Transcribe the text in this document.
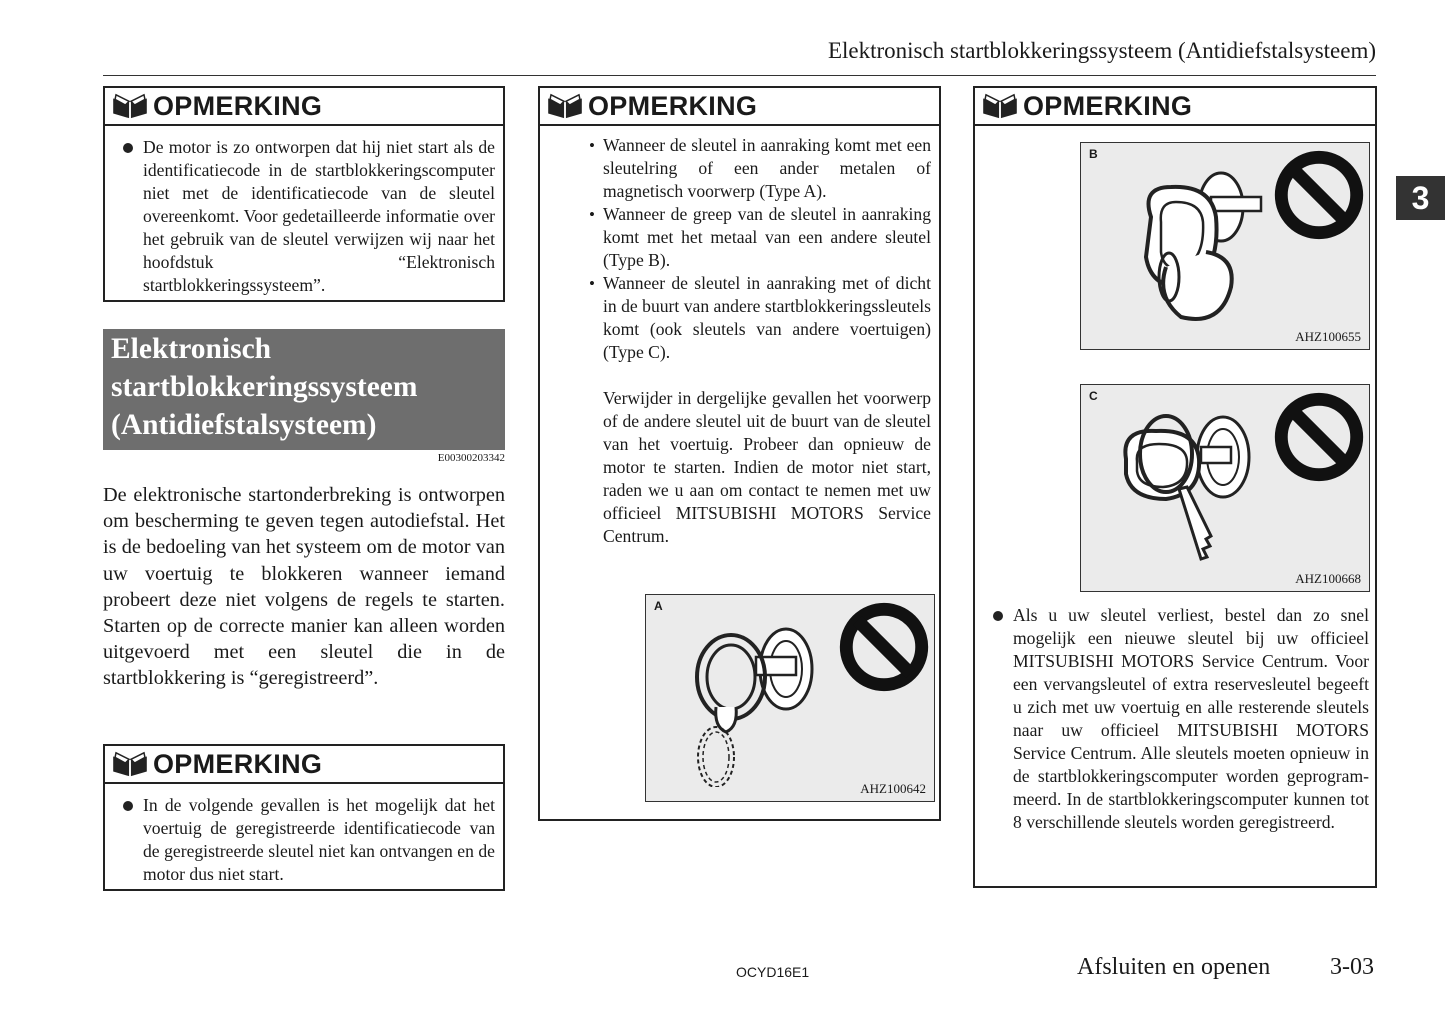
Elektronisch startblokkeringssysteem (Antidiefstalsysteem)
OPMERKING
De motor is zo ontworpen dat hij niet start als de identificatiecode in de startblokkeringscomputer niet met de identificatiecode van de sleutel overeenkomt. Voor gedetailleerde informatie over het gebruik van de sleutel verwijzen wij naar het hoofdstuk “Elektronisch startblokkeringssysteem”.
Elektronisch
startblokkeringssysteem
(Antidiefstalsysteem)
E00300203342
De elektronische startonderbreking is ontworpen om bescherming te geven tegen autodiefstal. Het is de bedoeling van het systeem om de motor van uw voertuig te blokkeren wanneer iemand probeert deze niet volgens de regels te starten. Starten op de correcte manier kan alleen worden uitgevoerd met een sleutel die in de startblokkering is “geregistreerd”.
OPMERKING
In de volgende gevallen is het mogelijk dat het voertuig de geregistreerde identificatiecode van de geregistreerde sleutel niet kan ontvangen en de motor dus niet start.
OPMERKING
• Wanneer de sleutel in aanraking komt met een sleutelring of een ander metalen of magnetisch voorwerp (Type A).
• Wanneer de greep van de sleutel in aanraking komt met het metaal van een andere sleutel (Type B).
• Wanneer de sleutel in aanraking met of dicht in de buurt van andere startblokkeringssleutels komt (ook sleutels van andere voertuigen) (Type C).
Verwijder in dergelijke gevallen het voorwerp of de andere sleutel uit de buurt van de sleutel van het voertuig. Probeer dan opnieuw de motor te starten. Indien de motor niet start, raden we u aan om contact te nemen met uw officieel MITSUBISHI MOTORS Service Centrum.
A
AHZ100642
OPMERKING
B
AHZ100655
C
AHZ100668
Als u uw sleutel verliest, bestel dan zo snel mogelijk een nieuwe sleutel bij uw officieel MITSUBISHI MOTORS Service Centrum. Voor een vervangsleutel of extra reservesleutel begeeft u zich met uw voertuig en alle resterende sleutels naar uw officieel MITSUBISHI MOTORS Service Centrum. Alle sleutels moeten opnieuw in de startblokkeringscomputer worden geprogrammeerd. In de startblokkeringscomputer kunnen tot 8 verschillende sleutels worden geregistreerd.
3
OCYD16E1	Afsluiten en openen 3-03
